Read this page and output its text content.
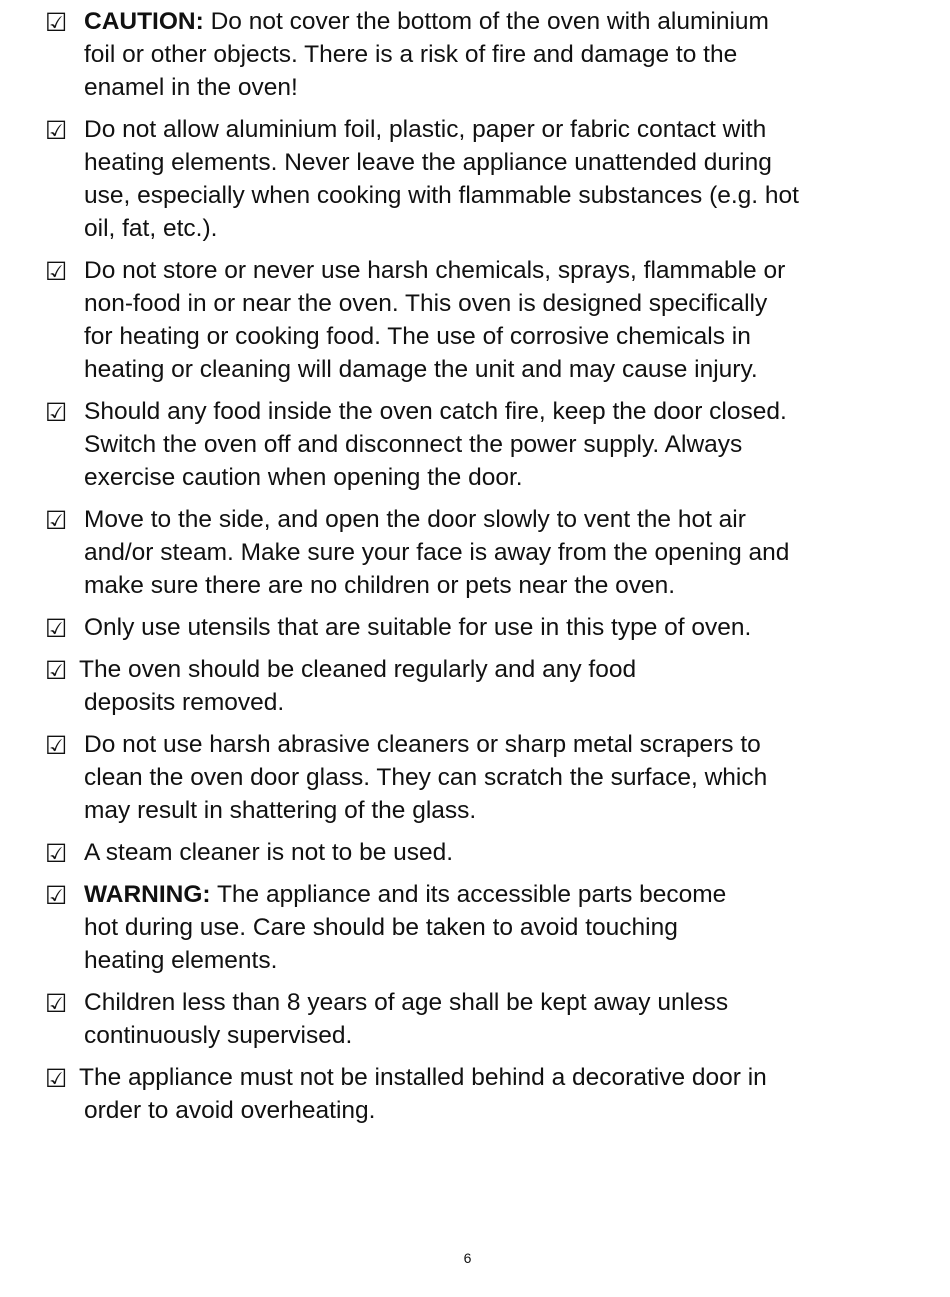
☑ CAUTION: Do not cover the bottom of the oven with aluminium
foil or other objects. There is a risk of fire and damage to the
enamel in the oven!
☑ Do not allow aluminium foil, plastic, paper or fabric contact with
heating elements. Never leave the appliance unattended during
use, especially when cooking with flammable substances (e.g. hot
oil, fat, etc.).
☑ Do not store or never use harsh chemicals, sprays, flammable or
non-food in or near the oven. This oven is designed specifically
for heating or cooking food. The use of corrosive chemicals in
heating or cleaning will damage the unit and may cause injury.
☑ Should any food inside the oven catch fire, keep the door closed.
Switch the oven off and disconnect the power supply. Always
exercise caution when opening the door.
☑ Move to the side, and open the door slowly to vent the hot air
and/or steam. Make sure your face is away from the opening and
make sure there are no children or pets near the oven.
☑ Only use utensils that are suitable for use in this type of oven.
☑ The oven should be cleaned regularly and any food
deposits removed.
☑ Do not use harsh abrasive cleaners or sharp metal scrapers to
clean the oven door glass. They can scratch the surface, which
may result in shattering of the glass.
☑ A steam cleaner is not to be used.
☑ WARNING: The appliance and its accessible parts become
hot during use. Care should be taken to avoid touching
heating elements.
☑ Children less than 8 years of age shall be kept away unless
continuously supervised.
☑ The appliance must not be installed behind a decorative door in
order to avoid overheating.
6
